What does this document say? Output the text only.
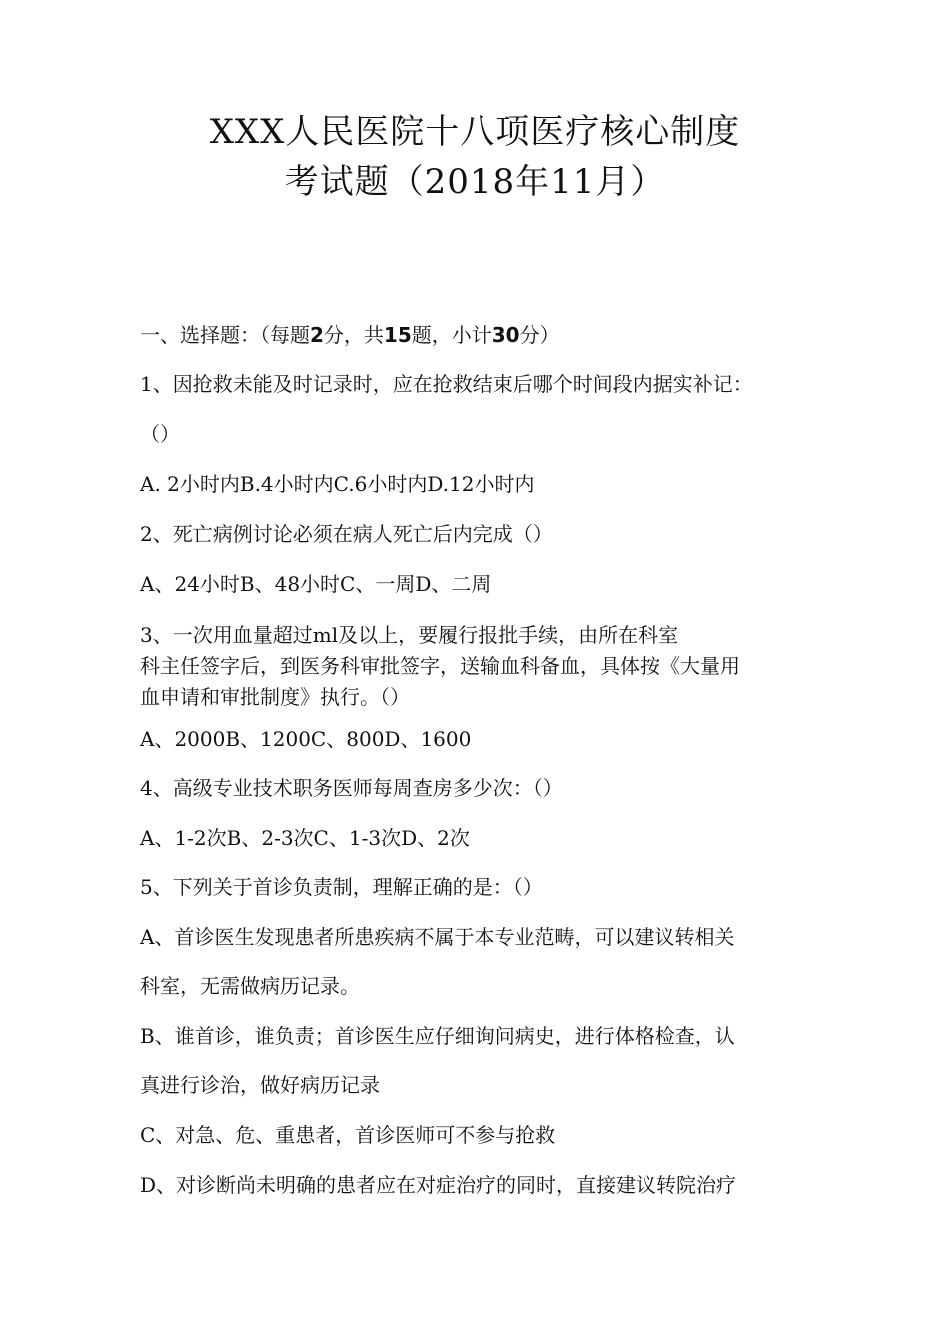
XXX人民医院十八项医疗核心制度
考试题（2018年11月）
一、选择题：（每题2分，共15题，小计30分）
1、因抢救未能及时记录时，应在抢救结束后哪个时间段内据实补记：
（）
A. 2小时内B.4小时内C.6小时内D.12小时内
2、死亡病例讨论必须在病人死亡后内完成（）
A、24小时B、48小时C、一周D、二周
3、一次用血量超过ml及以上，要履行报批手续，由所在科室
科主任签字后，到医务科审批签字，送输血科备血，具体按《大量用
血申请和审批制度》执行。（）
A、2000B、1200C、800D、1600
4、高级专业技术职务医师每周查房多少次：（）
A、1-2次B、2-3次C、1-3次D、2次
5、下列关于首诊负责制，理解正确的是：（）
A、首诊医生发现患者所患疾病不属于本专业范畴，可以建议转相关
科室，无需做病历记录。
B、谁首诊，谁负责；首诊医生应仔细询问病史，进行体格检查，认
真进行诊治，做好病历记录
C、对急、危、重患者，首诊医师可不参与抢救
D、对诊断尚未明确的患者应在对症治疗的同时，直接建议转院治疗
